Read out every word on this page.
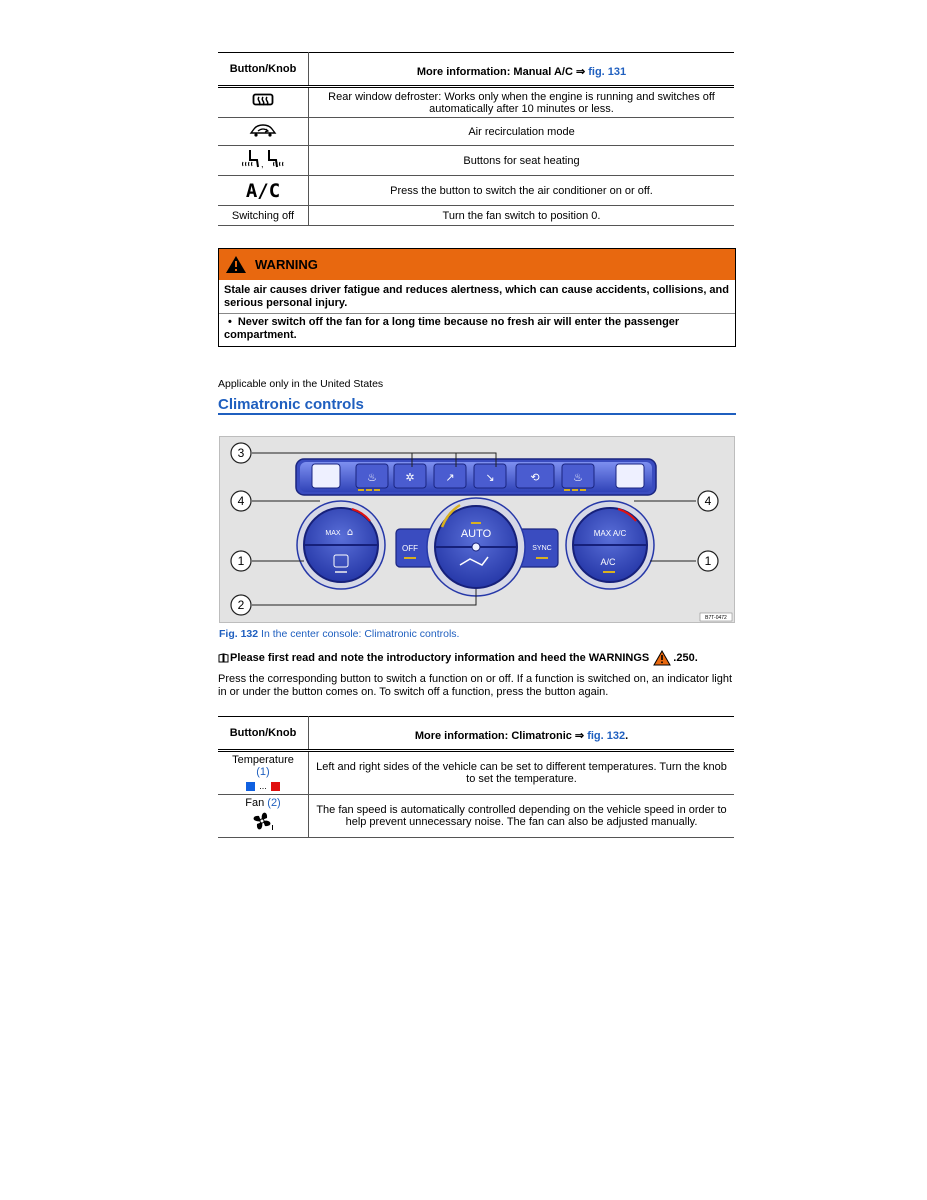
Button/Knob	More information: Manual A/C ⇒ fig. 131
	Rear window defroster: Works only when the engine is running and switches off automatically after 10 minutes or less.
	Air recirculation mode

,	Buttons for seat heating
A/C	Press the button to switch the air conditioner on or off.
Switching off	Turn the fan switch to position 0.
WARNING
Stale air causes driver fatigue and reduces alertness, which can cause accidents, collisions, and serious personal injury.
• Never switch off the fan for a long time because no fresh air will enter the passenger compartment.
Applicable only in the United States
Climatronic controls
♨	✲	↗	↘	⟲	♨
OFF	SYNC
MAX ⌂	AUTO	MAX A/C
A/C
3
4	4
1	1
2
B7T-0472
Fig. 132 In the center console: Climatronic controls.
Please first read and note the introductory information and heed the WARNINGS .250.
Press the corresponding button to switch a function on or off. If a function is switched on, an indicator light in or under the button comes on. To switch off a function, press the button again.
Button/Knob	More information: Climatronic ⇒ fig. 132.

Temperature
(1)
...	Left and right sides of the vehicle can be set to different temperatures. Turn the knob to set the temperature.

Fan (2)	The fan speed is automatically controlled depending on the vehicle speed in order to help prevent unnecessary noise. The fan can also be adjusted manually.
